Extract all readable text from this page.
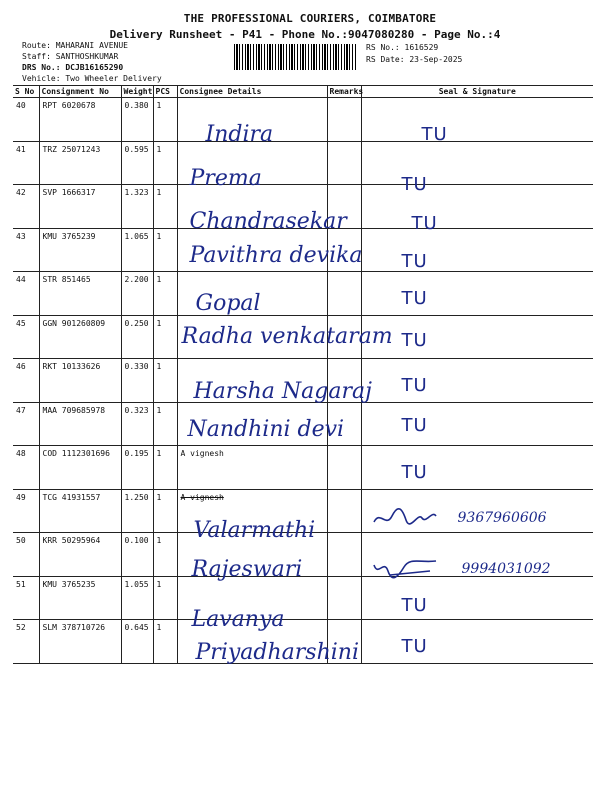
THE PROFESSIONAL COURIERS, COIMBATORE
Delivery Runsheet - P41 - Phone No.:9047080280 - Page No.:4
Route: MAHARANI AVENUE
Staff: SANTHOSHKUMAR
DRS No.: DCJB16165290
Vehicle: Two Wheeler Delivery
RS No.: 1616529
RS Date: 23-Sep-2025
S No	Consignment No	Weight	PCS	Consignee Details	Remarks	Seal & Signature
40	RPT 6020678	0.380	1	Indira		TU

41	TRZ 25071243	0.595	1	Prema		TU

42	SVP 1666317	1.323	1	Chandrasekar		TU

43	KMU 3765239	1.065	1	Pavithra devika		TU

44	STR 851465	2.200	1	Gopal		TU

45	GGN 901260809	0.250	1	Radha venkataram		TU

46	RKT 10133626	0.330	1	Harsha Nagaraj		TU

47	MAA 709685978	0.323	1	Nandhini devi		TU

48	COD 1112301696	0.195	1	A vignesh		TU

49	TCG 41931557	1.250	1	A vignesh
Valarmathi		9367960606

50	KRR 50295964	0.100	1	Rajeswari		9994031092

51	KMU 3765235	1.055	1	Lavanya		TU

52	SLM 378710726	0.645	1	Priyadharshini		TU
